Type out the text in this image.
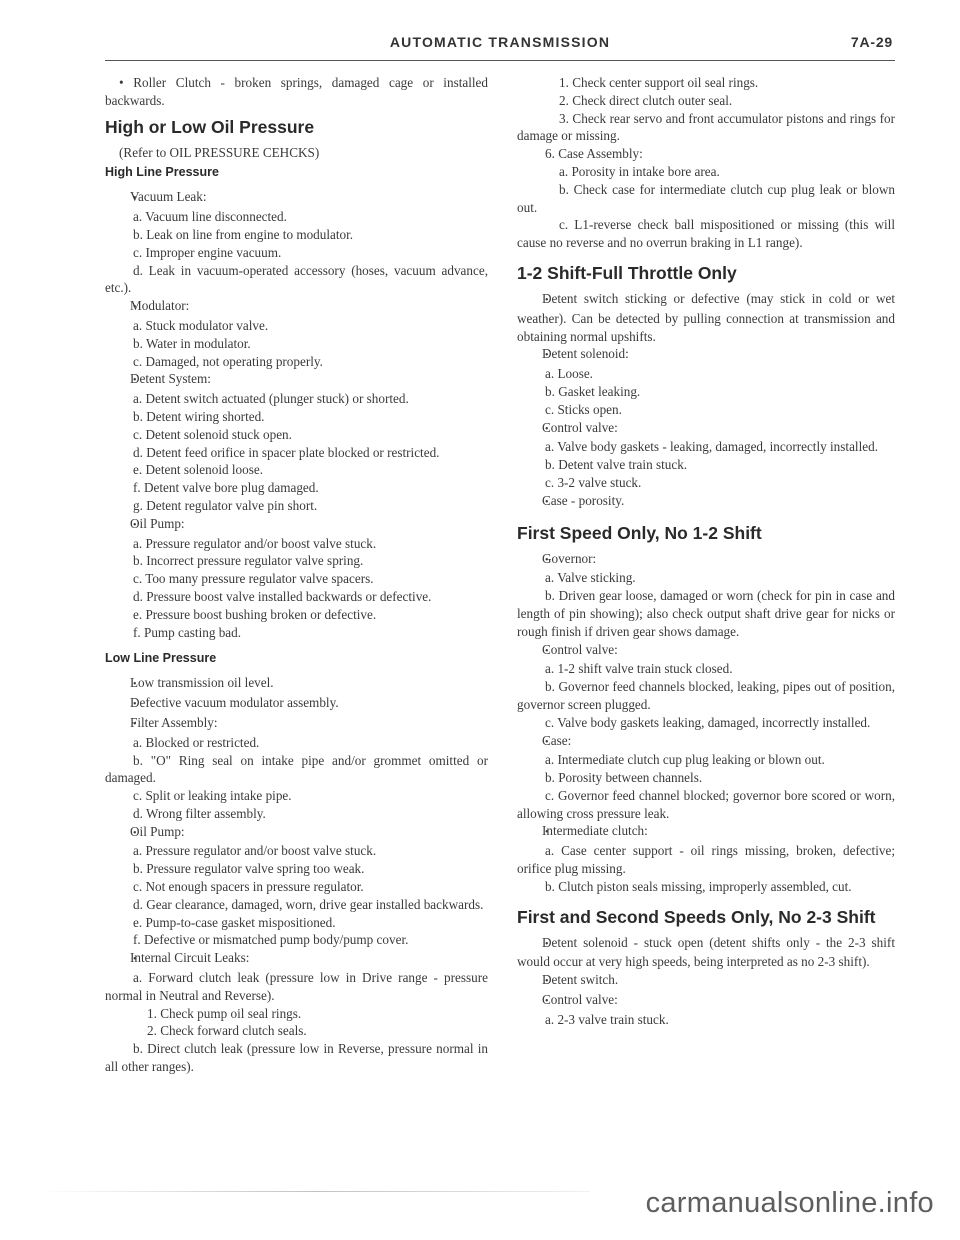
AUTOMATIC TRANSMISSION	7A-29

• Roller Clutch - broken springs, damaged cage or installed backwards.

High or Low Oil Pressure

(Refer to OIL PRESSURE CEHCKS)

High Line Pressure

• Vacuum Leak:

a. Vacuum line disconnected.

b. Leak on line from engine to modulator.

c. Improper engine vacuum.

d. Leak in vacuum-operated accessory (hoses, vacuum advance, etc.).

• Modulator:

a. Stuck modulator valve.

b. Water in modulator.

c. Damaged, not operating properly.

• Detent System:

a. Detent switch actuated (plunger stuck) or shorted.

b. Detent wiring shorted.

c. Detent solenoid stuck open.

d. Detent feed orifice in spacer plate blocked or restricted.

e. Detent solenoid loose.

f. Detent valve bore plug damaged.

g. Detent regulator valve pin short.

• Oil Pump:

a. Pressure regulator and/or boost valve stuck.

b. Incorrect pressure regulator valve spring.

c. Too many pressure regulator valve spacers.

d. Pressure boost valve installed backwards or defective.

e. Pressure boost bushing broken or defective.

f. Pump casting bad.

Low Line Pressure

• Low transmission oil level.

• Defective vacuum modulator assembly.

• Filter Assembly:

a. Blocked or restricted.

b. "O" Ring seal on intake pipe and/or grommet omitted or damaged.

c. Split or leaking intake pipe.

d. Wrong filter assembly.

• Oil Pump:

a. Pressure regulator and/or boost valve stuck.

b. Pressure regulator valve spring too weak.

c. Not enough spacers in pressure regulator.

d. Gear clearance, damaged, worn, drive gear installed backwards.

e. Pump-to-case gasket mispositioned.

f. Defective or mismatched pump body/pump cover.

• Internal Circuit Leaks:

a. Forward clutch leak (pressure low in Drive range - pressure normal in Neutral and Reverse).

1. Check pump oil seal rings.

2. Check forward clutch seals.

b. Direct clutch leak (pressure low in Reverse, pressure normal in all other ranges).

1. Check center support oil seal rings.

2. Check direct clutch outer seal.

3. Check rear servo and front accumulator pistons and rings for damage or missing.

6. Case Assembly:

a. Porosity in intake bore area.

b. Check case for intermediate clutch cup plug leak or blown out.

c. L1-reverse check ball mispositioned or missing (this will cause no reverse and no overrun braking in L1 range).

1-2 Shift-Full Throttle Only

• Detent switch sticking or defective (may stick in cold or wet weather). Can be detected by pulling connection at transmission and obtaining normal upshifts.

• Detent solenoid:

a. Loose.

b. Gasket leaking.

c. Sticks open.

• Control valve:

a. Valve body gaskets - leaking, damaged, incorrectly installed.

b. Detent valve train stuck.

c. 3-2 valve stuck.

• Case - porosity.

First Speed Only, No 1-2 Shift

• Governor:

a. Valve sticking.

b. Driven gear loose, damaged or worn (check for pin in case and length of pin showing); also check output shaft drive gear for nicks or rough finish if driven gear shows damage.

• Control valve:

a. 1-2 shift valve train stuck closed.

b. Governor feed channels blocked, leaking, pipes out of position, governor screen plugged.

c. Valve body gaskets leaking, damaged, incorrectly installed.

• Case:

a. Intermediate clutch cup plug leaking or blown out.

b. Porosity between channels.

c. Governor feed channel blocked; governor bore scored or worn, allowing cross pressure leak.

• Intermediate clutch:

a. Case center support - oil rings missing, broken, defective; orifice plug missing.

b. Clutch piston seals missing, improperly assembled, cut.

First and Second Speeds Only, No 2-3 Shift

• Detent solenoid - stuck open (detent shifts only - the 2-3 shift would occur at very high speeds, being interpreted as no 2-3 shift).

• Detent switch.

• Control valve:

a. 2-3 valve train stuck.

carmanualsonline.info
